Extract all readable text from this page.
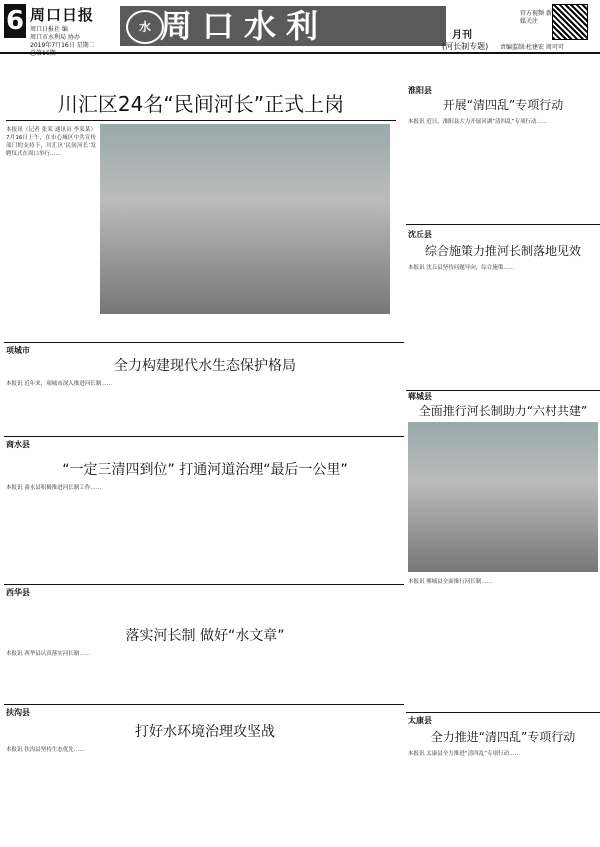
6 周口日报
周口日报社 编
周口市水利局 协办
2019年7月16日 星期二
总第16期
水 周口水利	月刊
(河长制专题)
官方视频 新媒关注
责编监制:杜建宏 周可可
川汇区24名“民间河长”正式上岗

本报讯（记者 张某 通讯员 李某某）7月16日上午，在市心城区中共宣传部门的支持下，川汇区‘民间河长’发聘仪式在周口举行……

淮阳县
开展“清四乱”专项行动

本报讯 近日，淮阳县大力开展河湖“清四乱”专项行动……

沈丘县
综合施策力推河长制落地见效

本报讯 沈丘县坚持问题导向，综合施策……

项城市
全力构建现代水生态保护格局

本报讯 近年来，项城市深入推进河长制……

郸城县
全面推行河长制助力“六村共建”

本报讯 郸城县全面推行河长制……

商水县
“一定三清四到位” 打通河道治理“最后一公里”

本报讯 商水县积极推进河长制工作……

西华县
落实河长制 做好“水文章”

本报讯 西华县认真落实河长制……

太康县
全力推进“清四乱”专项行动

本报讯 太康县全力推进“清四乱”专项行动……

扶沟县
打好水环境治理攻坚战

本报讯 扶沟县坚持生态优先……
